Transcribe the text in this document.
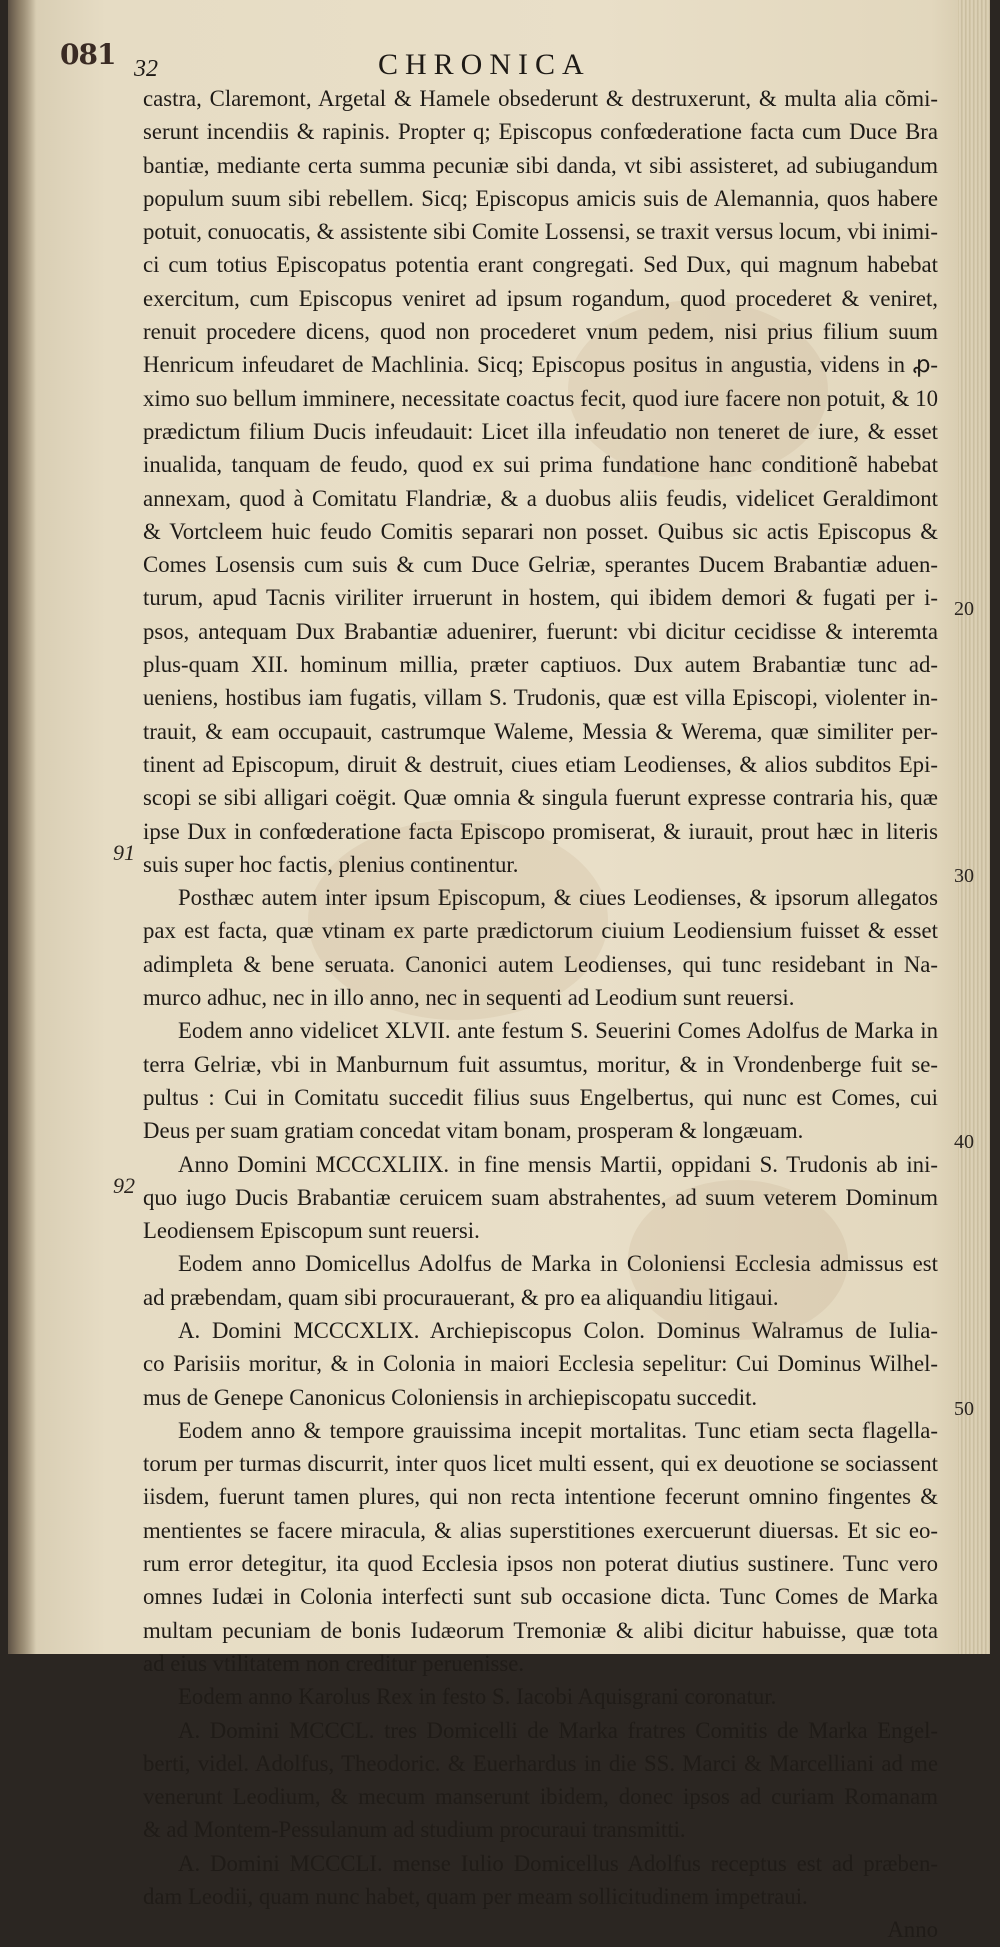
081 32	CHRONICA
91
92
20
30
40
50
castra, Claremont, Argetal & Hamele obsederunt & destruxerunt, & multa alia cõmi-
serunt incendiis & rapinis. Propter q; Episcopus confœderatione facta cum Duce Bra
bantiæ, mediante certa summa pecuniæ sibi danda, vt sibi assisteret, ad subiugandum
populum suum sibi rebellem. Sicq; Episcopus amicis suis de Alemannia, quos habere
potuit, conuocatis, & assistente sibi Comite Lossensi, se traxit versus locum, vbi inimi-
ci cum totius Episcopatus potentia erant congregati. Sed Dux, qui magnum habebat
exercitum, cum Episcopus veniret ad ipsum rogandum, quod procederet & veniret,
renuit procedere dicens, quod non procederet vnum pedem, nisi prius filium suum
Henricum infeudaret de Machlinia. Sicq; Episcopus positus in angustia, videns in ꝓ-
ximo suo bellum imminere, necessitate coactus fecit, quod iure facere non potuit, & 10
prædictum filium Ducis infeudauit: Licet illa infeudatio non teneret de iure, & esset
inualida, tanquam de feudo, quod ex sui prima fundatione hanc conditionẽ habebat
annexam, quod à Comitatu Flandriæ, & a duobus aliis feudis, videlicet Geraldimont
& Vortcleem huic feudo Comitis separari non posset. Quibus sic actis Episcopus &
Comes Losensis cum suis & cum Duce Gelriæ, sperantes Ducem Brabantiæ aduen-
turum, apud Tacnis viriliter irruerunt in hostem, qui ibidem demori & fugati per i-
psos, antequam Dux Brabantiæ aduenirer, fuerunt: vbi dicitur cecidisse & interemta
plus-quam XII. hominum millia, præter captiuos. Dux autem Brabantiæ tunc ad-
ueniens, hostibus iam fugatis, villam S. Trudonis, quæ est villa Episcopi, violenter in-
trauit, & eam occupauit, castrumque Waleme, Messia & Werema, quæ similiter per-
tinent ad Episcopum, diruit & destruit, ciues etiam Leodienses, & alios subditos Epi-
scopi se sibi alligari coëgit. Quæ omnia & singula fuerunt expresse contraria his, quæ
ipse Dux in confœderatione facta Episcopo promiserat, & iurauit, prout hæc in literis
suis super hoc factis, plenius continentur.
Posthæc autem inter ipsum Episcopum, & ciues Leodienses, & ipsorum allegatos
pax est facta, quæ vtinam ex parte prædictorum ciuium Leodiensium fuisset & esset
adimpleta & bene seruata. Canonici autem Leodienses, qui tunc residebant in Na-
murco adhuc, nec in illo anno, nec in sequenti ad Leodium sunt reuersi.
Eodem anno videlicet XLVII. ante festum S. Seuerini Comes Adolfus de Marka in
terra Gelriæ, vbi in Manburnum fuit assumtus, moritur, & in Vrondenberge fuit se-
pultus : Cui in Comitatu succedit filius suus Engelbertus, qui nunc est Comes, cui
Deus per suam gratiam concedat vitam bonam, prosperam & longæuam.
Anno Domini MCCCXLIIX. in fine mensis Martii, oppidani S. Trudonis ab ini-
quo iugo Ducis Brabantiæ ceruicem suam abstrahentes, ad suum veterem Dominum
Leodiensem Episcopum sunt reuersi.
Eodem anno Domicellus Adolfus de Marka in Coloniensi Ecclesia admissus est
ad præbendam, quam sibi procurauerant, & pro ea aliquandiu litigaui.
A. Domini MCCCXLIX. Archiepiscopus Colon. Dominus Walramus de Iulia-
co Parisiis moritur, & in Colonia in maiori Ecclesia sepelitur: Cui Dominus Wilhel-
mus de Genepe Canonicus Coloniensis in archiepiscopatu succedit.
Eodem anno & tempore grauissima incepit mortalitas. Tunc etiam secta flagella-
torum per turmas discurrit, inter quos licet multi essent, qui ex deuotione se sociassent
iisdem, fuerunt tamen plures, qui non recta intentione fecerunt omnino fingentes &
mentientes se facere miracula, & alias superstitiones exercuerunt diuersas. Et sic eo-
rum error detegitur, ita quod Ecclesia ipsos non poterat diutius sustinere. Tunc vero
omnes Iudæi in Colonia interfecti sunt sub occasione dicta. Tunc Comes de Marka
multam pecuniam de bonis Iudæorum Tremoniæ & alibi dicitur habuisse, quæ tota
ad eius vtilitatem non creditur peruenisse.
Eodem anno Karolus Rex in festo S. Iacobi Aquisgrani coronatur.
A. Domini MCCCL. tres Domicelli de Marka fratres Comitis de Marka Engel-
berti, videl. Adolfus, Theodoric. & Euerhardus in die SS. Marci & Marcelliani ad me
venerunt Leodium, & mecum manserunt ibidem, donec ipsos ad curiam Romanam
& ad Montem-Pessulanum ad studium procuraui transmitti.
A. Domini MCCCLI. mense Iulio Domicellus Adolfus receptus est ad præben-
dam Leodii, quam nunc habet, quam per meam sollicitudinem impetraui.
Anno
